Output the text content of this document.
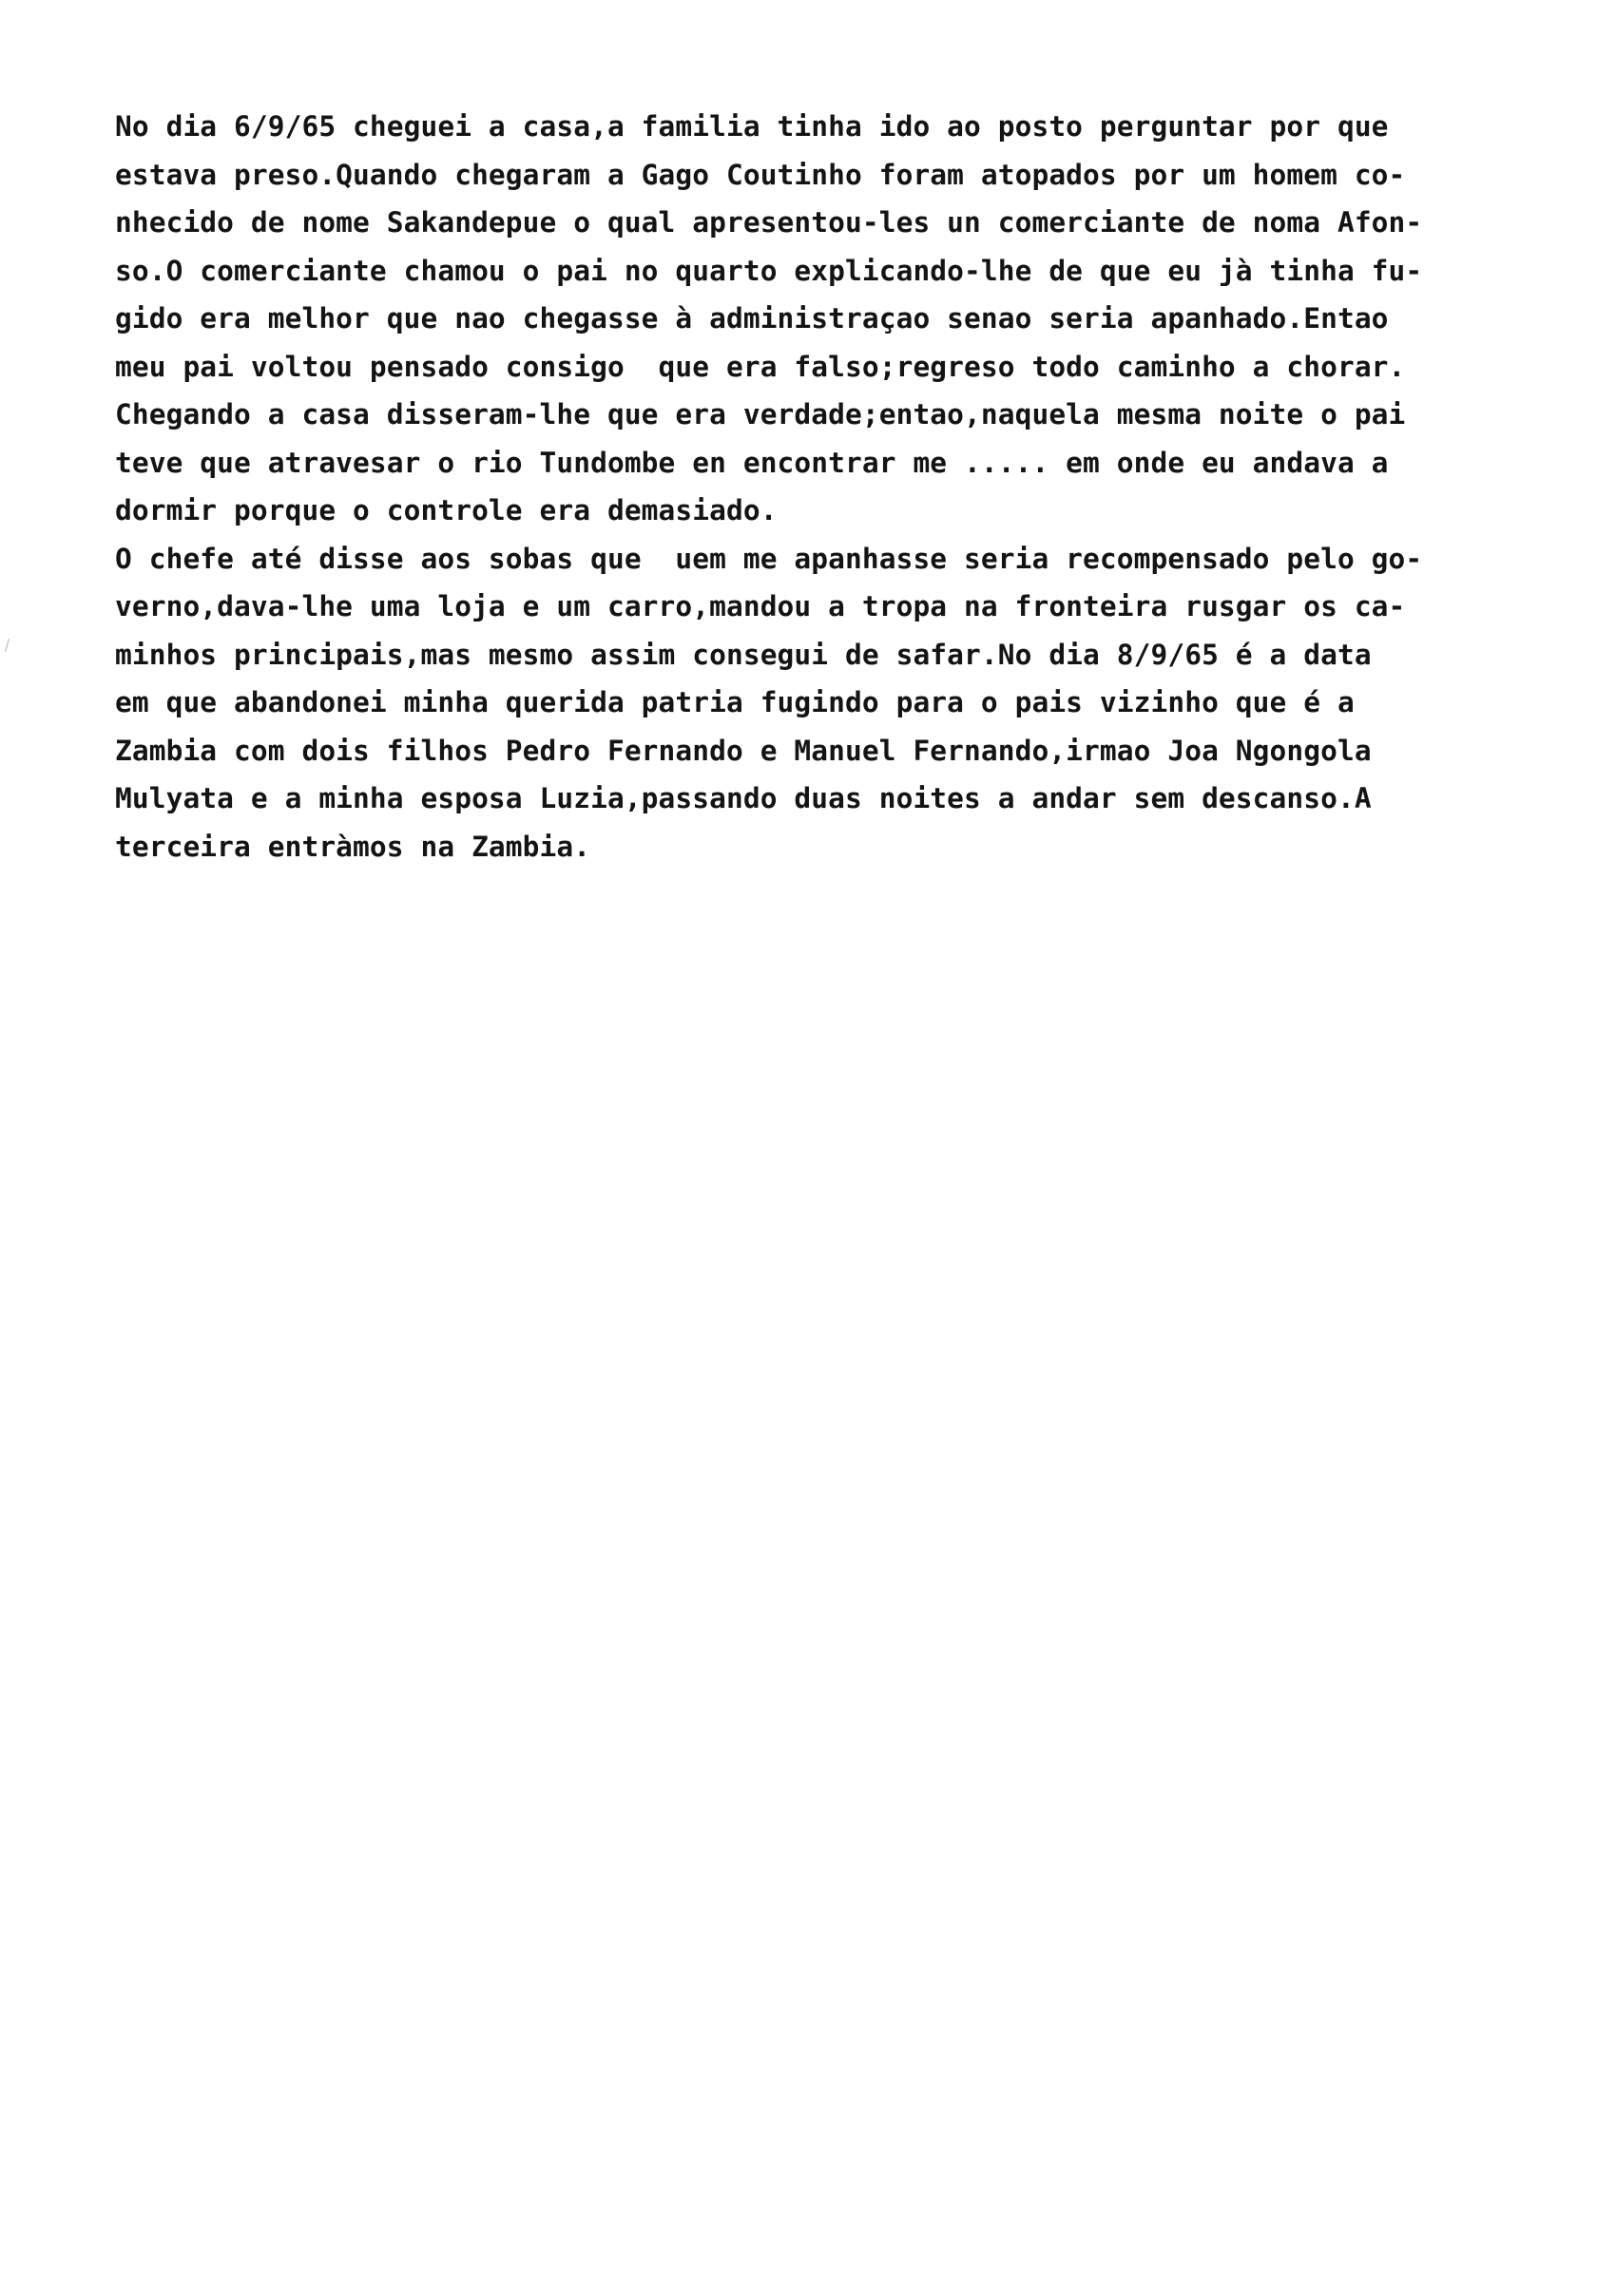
No dia 6/9/65 cheguei a casa,a familia tinha ido ao posto perguntar por que
estava preso.Quando chegaram a Gago Coutinho foram atopados por um homem co-
nhecido de nome Sakandepue o qual apresentou-les un comerciante de noma Afon-
so.O comerciante chamou o pai no quarto explicando-lhe de que eu jà tinha fu-
gido era melhor que nao chegasse à administraçao senao seria apanhado.Entao
meu pai voltou pensado consigo  que era falso;regreso todo caminho a chorar.
Chegando a casa disseram-lhe que era verdade;entao,naquela mesma noite o pai
teve que atravesar o rio Tundombe en encontrar me ..... em onde eu andava a
dormir porque o controle era demasiado.
O chefe até disse aos sobas que  uem me apanhasse seria recompensado pelo go-
verno,dava-lhe uma loja e um carro,mandou a tropa na fronteira rusgar os ca-
minhos principais,mas mesmo assim consegui de safar.No dia 8/9/65 é a data
em que abandonei minha querida patria fugindo para o pais vizinho que é a
Zambia com dois filhos Pedro Fernando e Manuel Fernando,irmao Joa Ngongola
Mulyata e a minha esposa Luzia,passando duas noites a andar sem descanso.A
terceira entràmos na Zambia.
